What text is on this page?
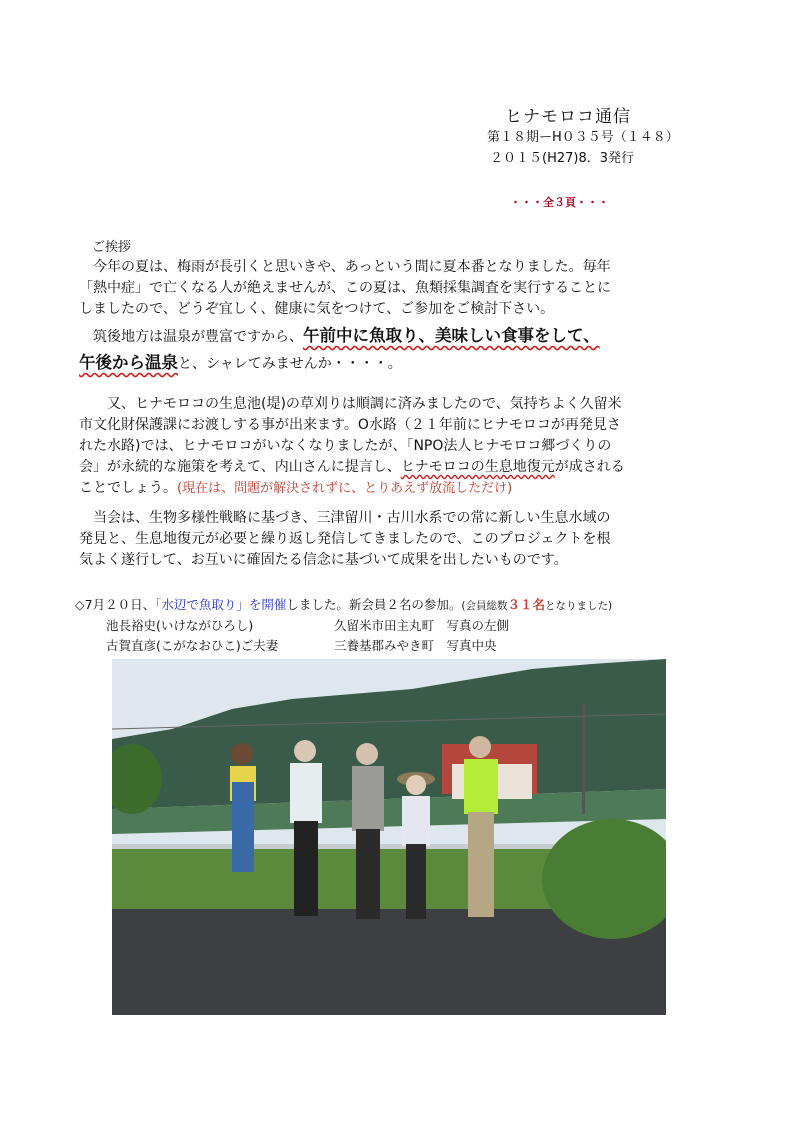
ヒナモロコ通信
第１８期ーH０３５号（１４８）
２０１５(H27)8．3発行
・・・全３頁・・・
ご挨拶
　今年の夏は、梅雨が長引くと思いきや、あっという間に夏本番となりました。毎年
「熱中症」で亡くなる人が絶えませんが、この夏は、魚類採集調査を実行することに
しましたので、どうぞ宜しく、健康に気をつけて、ご参加をご検討下さい。
　筑後地方は温泉が豊富ですから、午前中に魚取り、美味しい食事をして、
午後から温泉と、シャレてみませんか・・・・。
　　又、ヒナモロコの生息池(堤)の草刈りは順調に済みましたので、気持ちよく久留米
市文化財保護課にお渡しする事が出来ます。O水路（２１年前にヒナモロコが再発見さ
れた水路)では、ヒナモロコがいなくなりましたが、「NPO法人ヒナモロコ郷づくりの
会」が永続的な施策を考えて、内山さんに提言し、ヒナモロコの生息地復元が成される
ことでしょう。(現在は、問題が解決されずに、とりあえず放流しただけ)
　当会は、生物多様性戦略に基づき、三津留川・古川水系での常に新しい生息水域の
発見と、生息地復元が必要と繰り返し発信してきましたので、このプロジェクトを根
気よく遂行して、お互いに確固たる信念に基づいて成果を出したいものです。
◇7月２０日、「水辺で魚取り」を開催しました。新会員２名の参加。(会員総数３１名となりました)
池長裕史(いけながひろし)	久留米市田主丸町　写真の左側
古賀直彦(こがなおひこ)ご夫妻	三養基郡みやき町　写真中央
